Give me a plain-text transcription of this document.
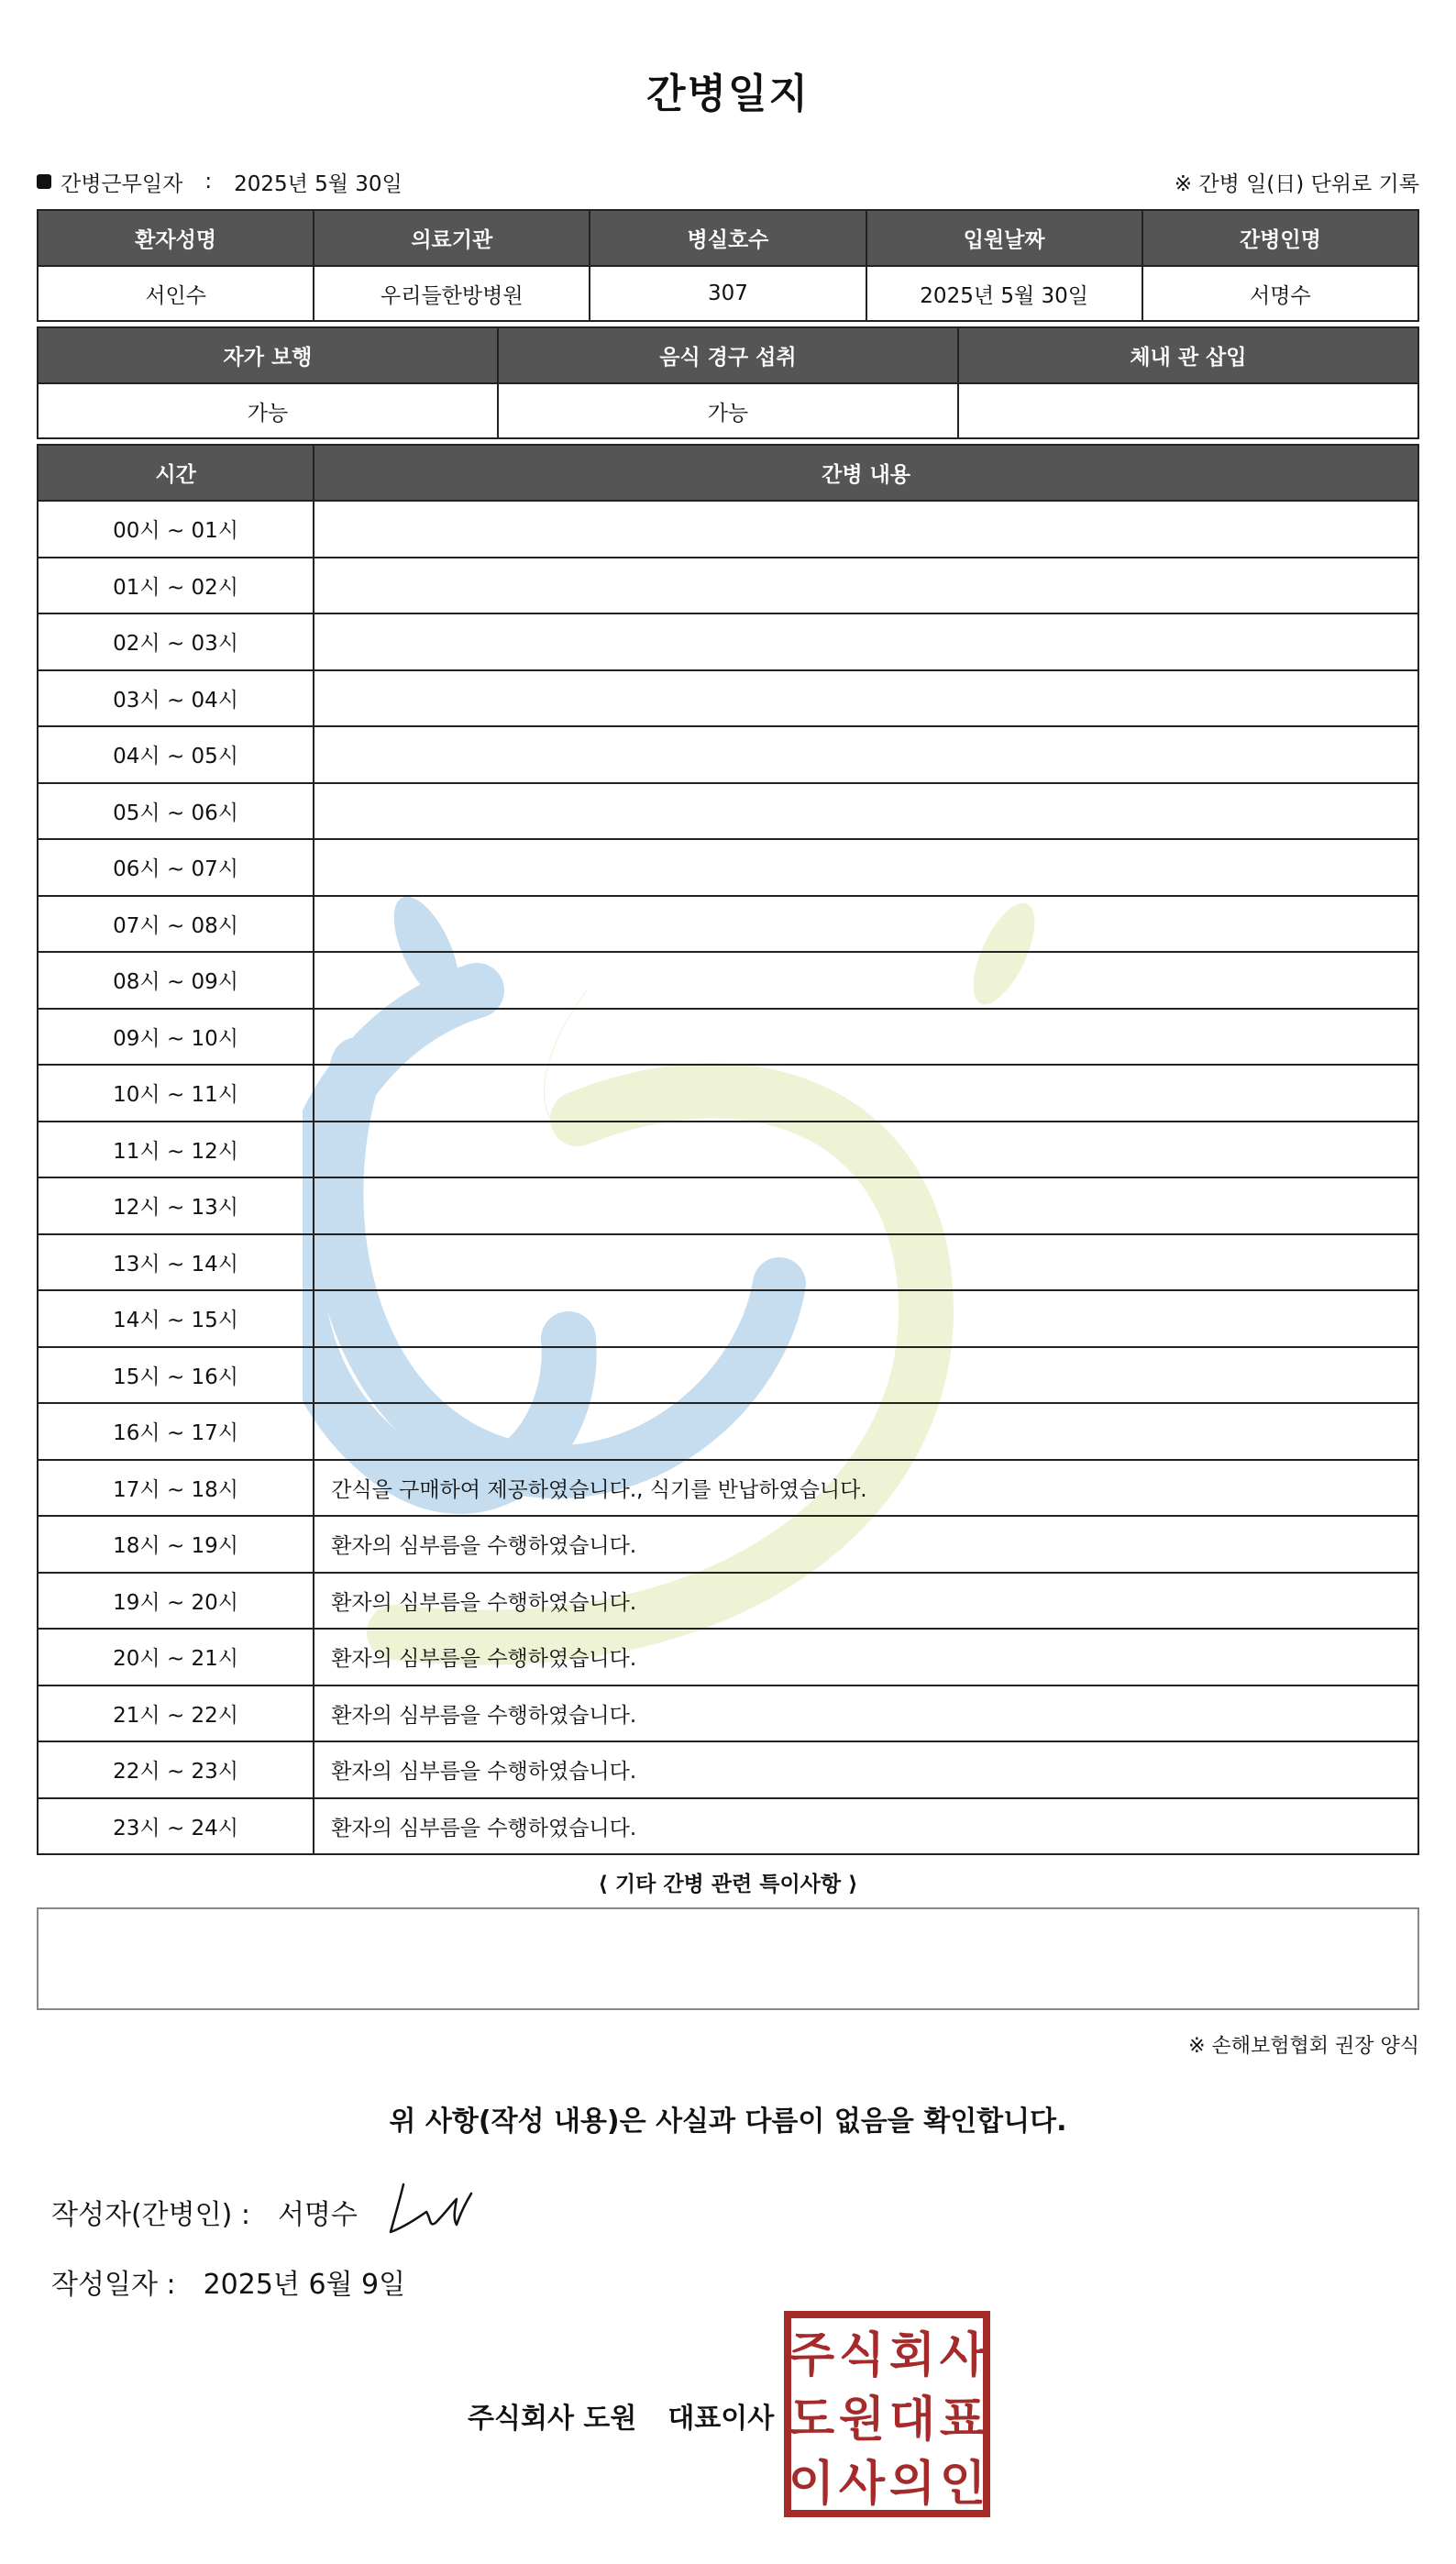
간병일지
간병근무일자 : 2025년 5월 30일	※ 간병 일(日) 단위로 기록
환자성명	의료기관	병실호수	입원날짜	간병인명
서인수	우리들한방병원	307	2025년 5월 30일	서명수
자가 보행	음식 경구 섭취	체내 관 삽입
가능	가능	
시간	간병 내용
00시 ~ 01시	
01시 ~ 02시	
02시 ~ 03시	
03시 ~ 04시	
04시 ~ 05시	
05시 ~ 06시	
06시 ~ 07시	
07시 ~ 08시	
08시 ~ 09시	
09시 ~ 10시	
10시 ~ 11시	
11시 ~ 12시	
12시 ~ 13시	
13시 ~ 14시	
14시 ~ 15시	
15시 ~ 16시	
16시 ~ 17시	
17시 ~ 18시	간식을 구매하여 제공하였습니다., 식기를 반납하였습니다.
18시 ~ 19시	환자의 심부름을 수행하였습니다.
19시 ~ 20시	환자의 심부름을 수행하였습니다.
20시 ~ 21시	환자의 심부름을 수행하였습니다.
21시 ~ 22시	환자의 심부름을 수행하였습니다.
22시 ~ 23시	환자의 심부름을 수행하였습니다.
23시 ~ 24시	환자의 심부름을 수행하였습니다.
⟨ 기타 간병 관련 특이사항 ⟩
※ 손해보험협회 권장 양식
위 사항(작성 내용)은 사실과 다름이 없음을 확인합니다.
작성자(간병인) : 서명수
작성일자 : 2025년 6월 9일
주식회사 도원 대표이사
주 식 회 사
도 원 대 표
이 사 의 인
